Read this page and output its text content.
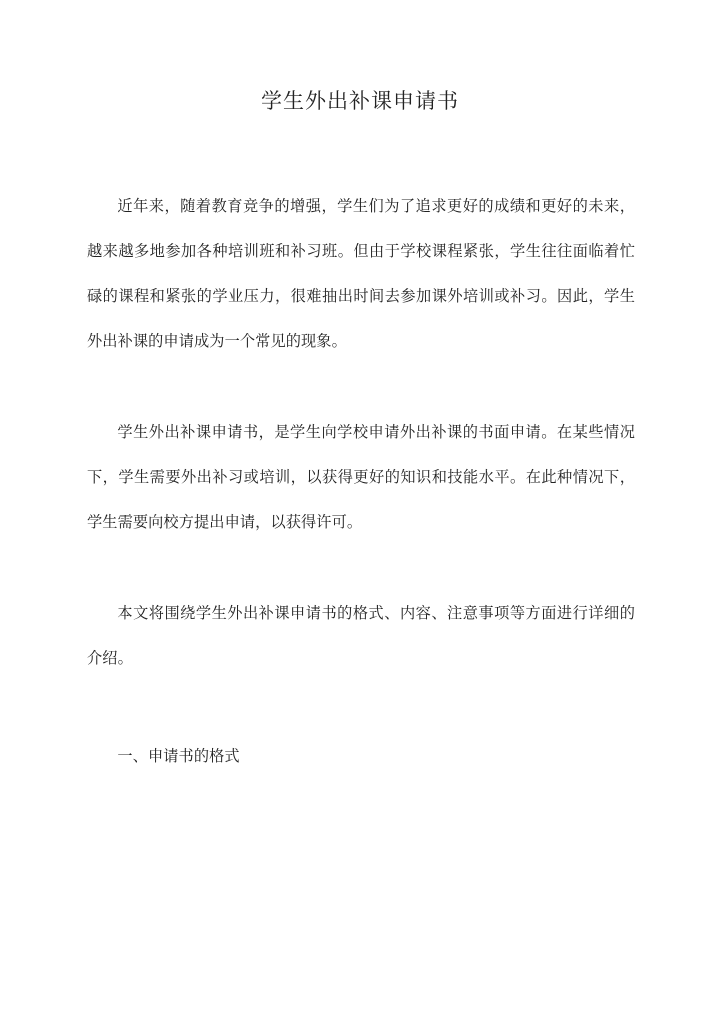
学生外出补课申请书

近年来，随着教育竞争的增强，学生们为了追求更好的成绩和更好的未来，越来越多地参加各种培训班和补习班。但由于学校课程紧张，学生往往面临着忙碌的课程和紧张的学业压力，很难抽出时间去参加课外培训或补习。因此，学生外出补课的申请成为一个常见的现象。

学生外出补课申请书，是学生向学校申请外出补课的书面申请。在某些情况下，学生需要外出补习或培训，以获得更好的知识和技能水平。在此种情况下，学生需要向校方提出申请，以获得许可。

本文将围绕学生外出补课申请书的格式、内容、注意事项等方面进行详细的介绍。

一、申请书的格式
